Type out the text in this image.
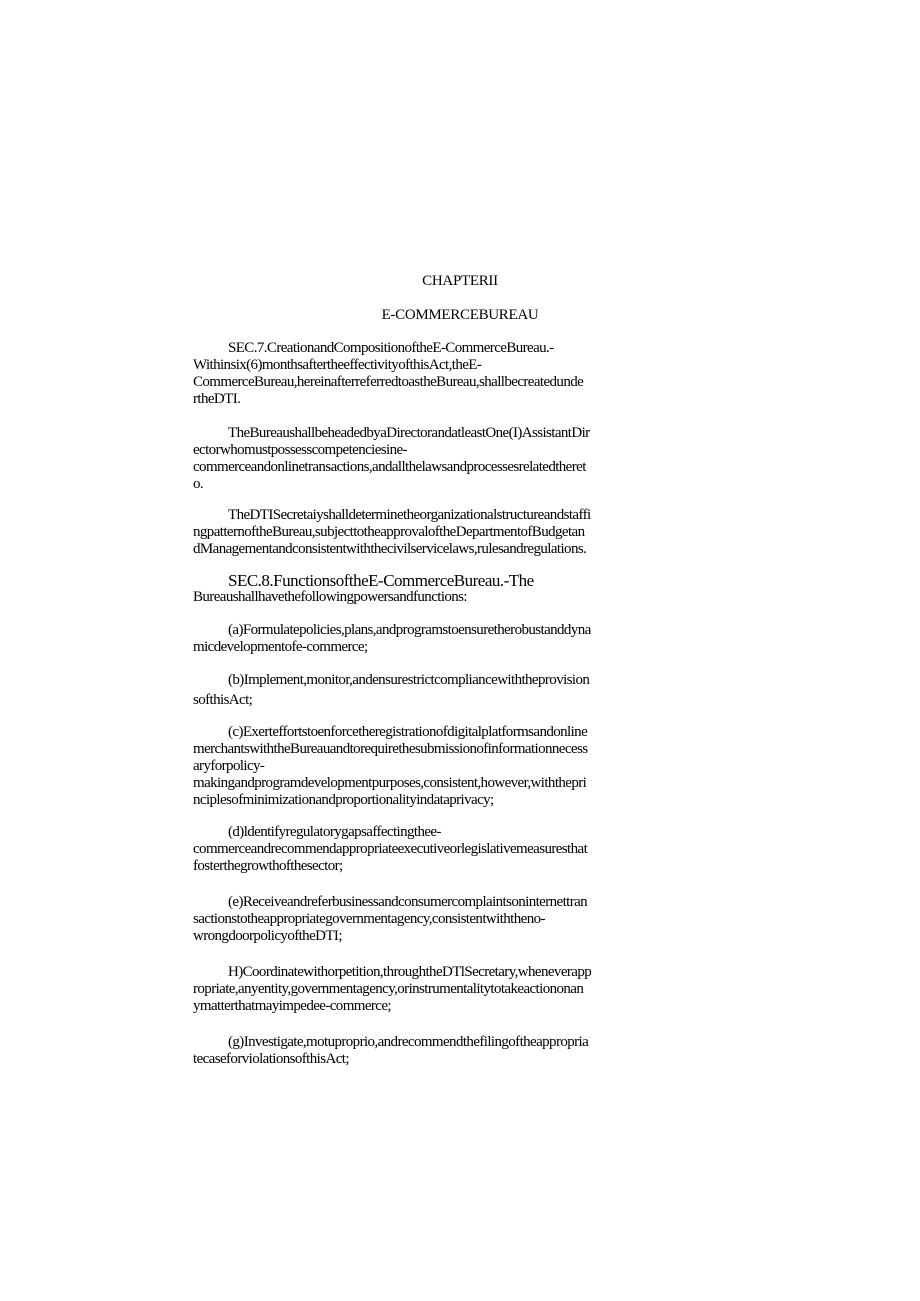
CHAPTERII
E-COMMERCEBUREAU

SEC.7.CreationandCompositionoftheE-CommerceBureau.-
Withinsix(6)monthsaftertheeffectivityofthisAct,theE-
CommerceBureau,hereinafterreferredtoastheBureau,shallbecreatedunde
rtheDTI.

TheBureaushallbeheadedbyaDirectorandatleastOne(I)AssistantDir
ectorwhomustpossesscompetenciesine-
commerceandonlinetransactions,andallthelawsandprocessesrelatedtheret
o.

TheDTISecretaiyshalldeterminetheorganizationalstructureandstaffi
ngpatternoftheBureau,subjecttotheapprovaloftheDepartmentofBudgetan
dManagementandconsistentwiththecivilservicelaws,rulesandregulations.

SEC.8.FunctionsoftheE-CommerceBureau.-The
Bureaushallhavethefollowingpowersandfunctions:

(a)Formulatepolicies,plans,andprogramstoensuretherobustanddyna
micdevelopmentofe-commerce;

(b)Implement,monitor,andensurestrictcompliancewiththeprovision
softhisAct;

(c)Exerteffortstoenforcetheregistrationofdigitalplatformsandonline
merchantswiththeBureauandtorequirethesubmissionofinformationnecess
aryforpolicy-
makingandprogramdevelopmentpurposes,consistent,however,withthepri
nciplesofminimizationandproportionalityindataprivacy;

(d)ldentifyregulatorygapsaffectingthee-
commerceandrecommendappropriateexecutiveorlegislativemeasuresthat
fosterthegrowthofthesector;

(e)Receiveandreferbusinessandconsumercomplaintsoninternettran
sactionstotheappropriategovernmentagency,consistentwiththeno-
wrongdoorpolicyoftheDTI;

H)Coordinatewithorpetition,throughtheDTlSecretary,wheneverapp
ropriate,anyentity,governmentagency,orinstrumentalitytotakeactiononan
ymatterthatmayimpedee-commerce;

(g)Investigate,motuproprio,andrecommendthefilingoftheappropria
tecaseforviolationsofthisAct;
